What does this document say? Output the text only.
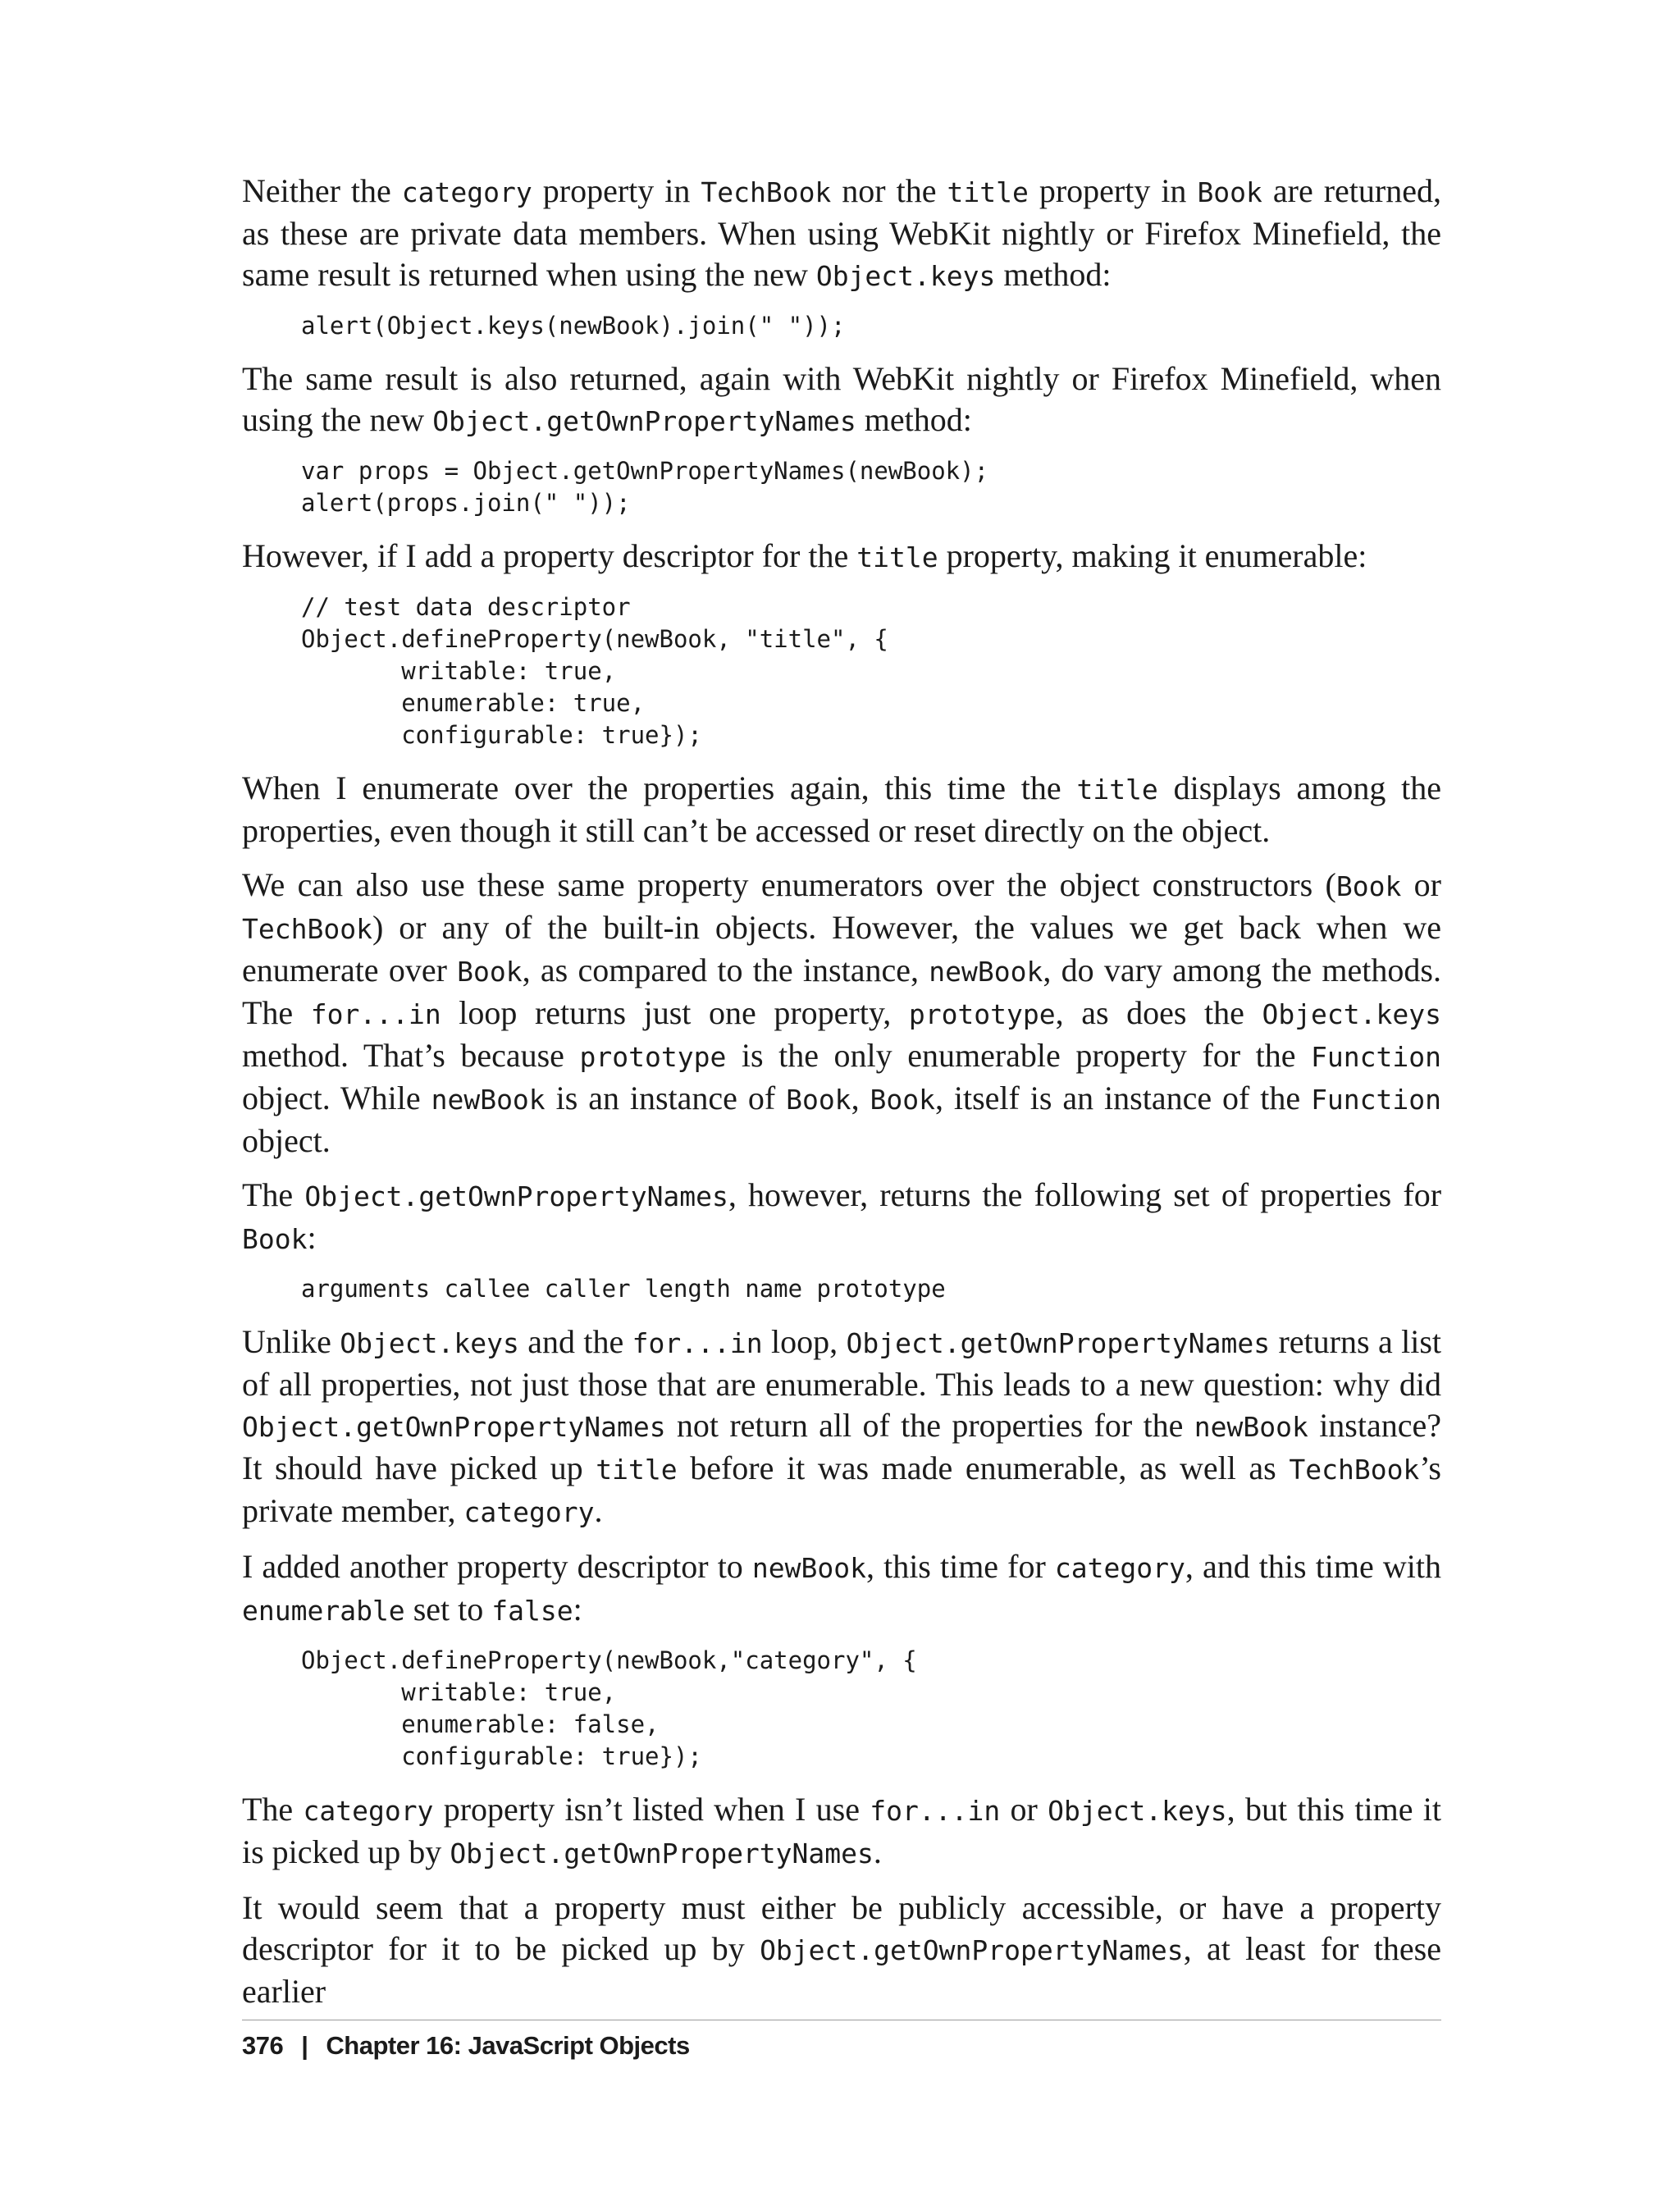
Neither the category property in TechBook nor the title property in Book are returned, as these are private data members. When using WebKit nightly or Firefox Minefield, the same result is returned when using the new Object.keys method:

alert(Object.keys(newBook).join(" "));

The same result is also returned, again with WebKit nightly or Firefox Minefield, when using the new Object.getOwnPropertyNames method:

var props = Object.getOwnPropertyNames(newBook);
alert(props.join(" "));

However, if I add a property descriptor for the title property, making it enumerable:

// test data descriptor
Object.defineProperty(newBook, "title", {
writable: true,
enumerable: true,
configurable: true});

When I enumerate over the properties again, this time the title displays among the properties, even though it still can’t be accessed or reset directly on the object.

We can also use these same property enumerators over the object constructors (Book or TechBook) or any of the built-in objects. However, the values we get back when we enumerate over Book, as compared to the instance, newBook, do vary among the methods. The for...in loop returns just one property, prototype, as does the Object.keys method. That’s because prototype is the only enumerable property for the Function object. While newBook is an instance of Book, Book, itself is an instance of the Function object.

The Object.getOwnPropertyNames, however, returns the following set of properties for Book:

arguments callee caller length name prototype

Unlike Object.keys and the for...in loop, Object.getOwnPropertyNames returns a list of all properties, not just those that are enumerable. This leads to a new question: why did Object.getOwnPropertyNames not return all of the properties for the newBook instance? It should have picked up title before it was made enumerable, as well as TechBook’s private member, category.

I added another property descriptor to newBook, this time for category, and this time with enumerable set to false:

Object.defineProperty(newBook,"category", {
writable: true,
enumerable: false,
configurable: true});

The category property isn’t listed when I use for...in or Object.keys, but this time it is picked up by Object.getOwnPropertyNames.

It would seem that a property must either be publicly accessible, or have a property descriptor for it to be picked up by Object.getOwnPropertyNames, at least for these earlier

376 | Chapter 16: JavaScript Objects
